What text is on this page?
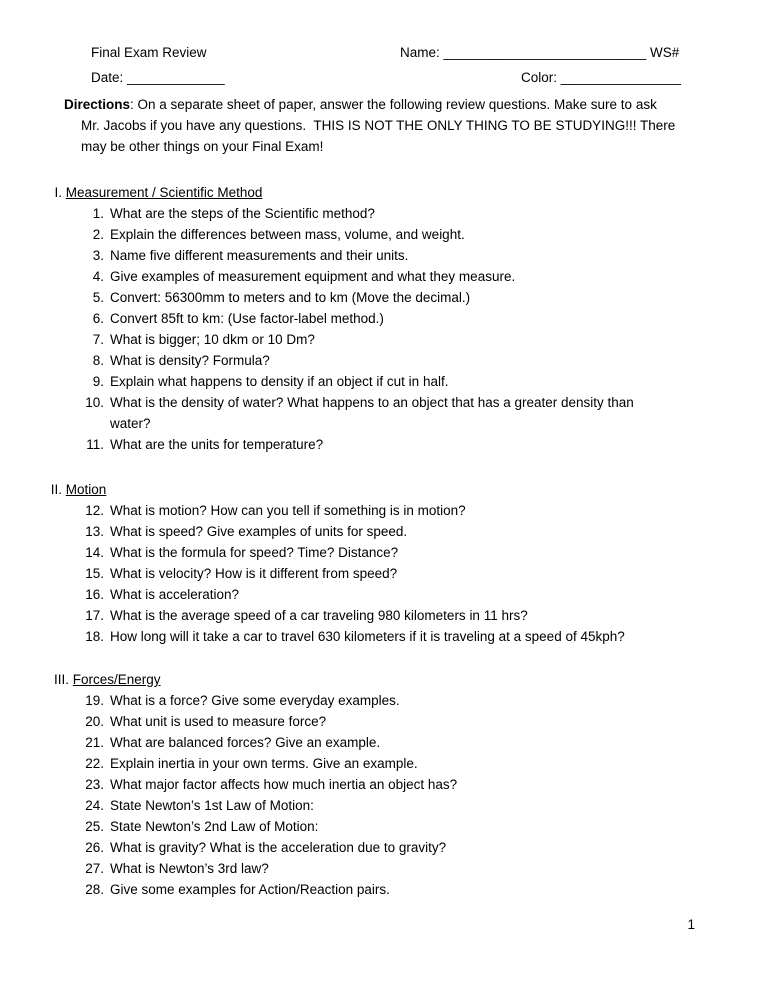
Final Exam Review	Name: ___________________________ WS#
Date: _____________	Color: ________________
Directions: On a separate sheet of paper, answer the following review questions. Make sure to ask
Mr. Jacobs if you have any questions.  THIS IS NOT THE ONLY THING TO BE STUDYING!!! There
may be other things on your Final Exam!
I. Measurement / Scientific Method
1. What are the steps of the Scientific method?
2. Explain the differences between mass, volume, and weight.
3. Name five different measurements and their units.
4. Give examples of measurement equipment and what they measure.
5. Convert: 56300mm to meters and to km (Move the decimal.)
6. Convert 85ft to km: (Use factor-label method.)
7. What is bigger; 10 dkm or 10 Dm?
8. What is density? Formula?
9. Explain what happens to density if an object if cut in half.
10. What is the density of water? What happens to an object that has a greater density than
water?
11. What are the units for temperature?
II. Motion
12. What is motion? How can you tell if something is in motion?
13. What is speed? Give examples of units for speed.
14. What is the formula for speed? Time? Distance?
15. What is velocity? How is it different from speed?
16. What is acceleration?
17. What is the average speed of a car traveling 980 kilometers in 11 hrs?
18. How long will it take a car to travel 630 kilometers if it is traveling at a speed of 45kph?
III. Forces/Energy
19. What is a force? Give some everyday examples.
20. What unit is used to measure force?
21. What are balanced forces? Give an example.
22. Explain inertia in your own terms. Give an example.
23. What major factor affects how much inertia an object has?
24. State Newton’s 1st Law of Motion:
25. State Newton’s 2nd Law of Motion:
26. What is gravity? What is the acceleration due to gravity?
27. What is Newton’s 3rd law?
28. Give some examples for Action/Reaction pairs.
1
